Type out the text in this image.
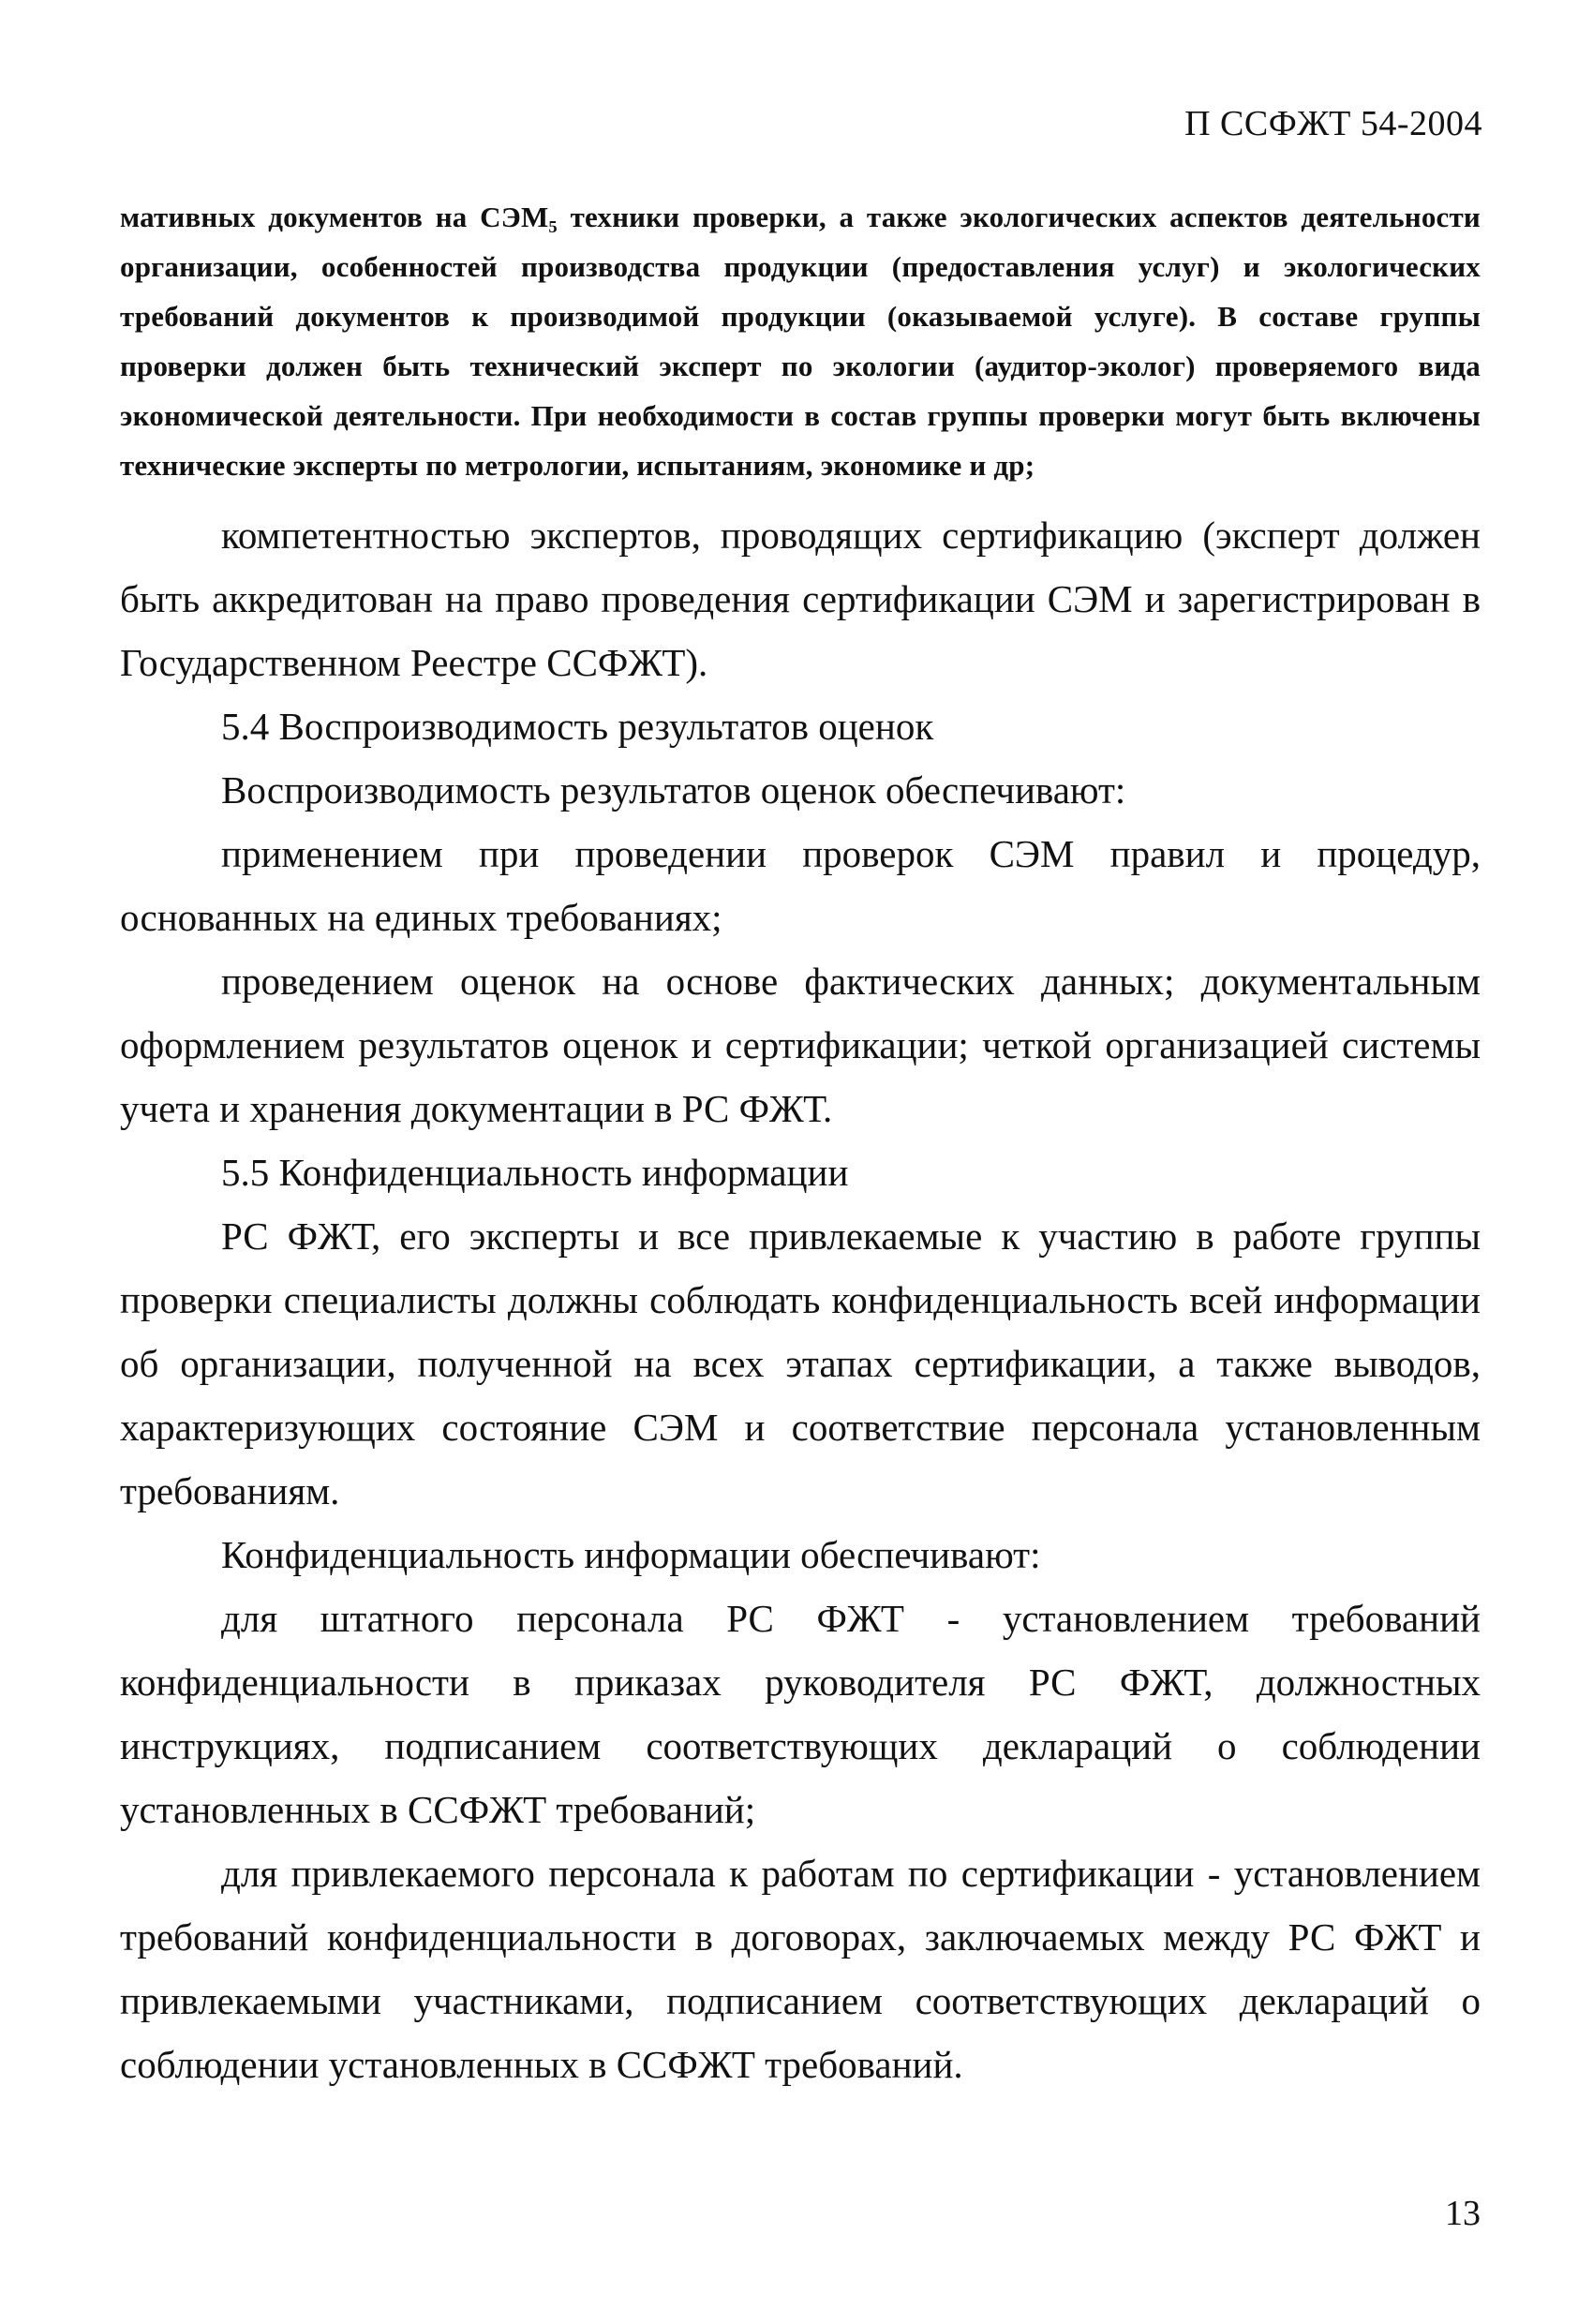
П ССФЖТ 54-2004

мативных документов на СЭМ₅ техники проверки, а также экологических аспектов деятельности организации, особенностей производства продукции (предоставления услуг) и экологических требований документов к производимой продукции (оказываемой услуге). В составе группы проверки должен быть технический эксперт по экологии (аудитор-эколог) проверяемого вида экономической деятельности. При необходимости в состав группы проверки могут быть включены технические эксперты по метрологии, испытаниям, экономике и др;

компетентностью экспертов, проводящих сертификацию (эксперт должен быть аккредитован на право проведения сертификации СЭМ и зарегистрирован в Государственном Реестре ССФЖТ).

5.4 Воспроизводимость результатов оценок

Воспроизводимость результатов оценок обеспечивают:

применением при проведении проверок СЭМ правил и процедур, основанных на единых требованиях;

проведением оценок на основе фактических данных; документальным оформлением результатов оценок и сертификации; четкой организацией системы учета и хранения документации в РС ФЖТ.

5.5 Конфиденциальность информации

РС ФЖТ, его эксперты и все привлекаемые к участию в работе группы проверки специалисты должны соблюдать конфиденциальность всей информации об организации, полученной на всех этапах сертификации, а также выводов, характеризующих состояние СЭМ и соответствие персонала установленным требованиям.

Конфиденциальность информации обеспечивают:

для штатного персонала РС ФЖТ - установлением требований конфиденциальности в приказах руководителя РС ФЖТ, должностных инструкциях, подписанием соответствующих деклараций о соблюдении установленных в ССФЖТ требований;

для привлекаемого персонала к работам по сертификации - установлением требований конфиденциальности в договорах, заключаемых между РС ФЖТ и привлекаемыми участниками, подписанием соответствующих деклараций о соблюдении установленных в ССФЖТ требований.

13
